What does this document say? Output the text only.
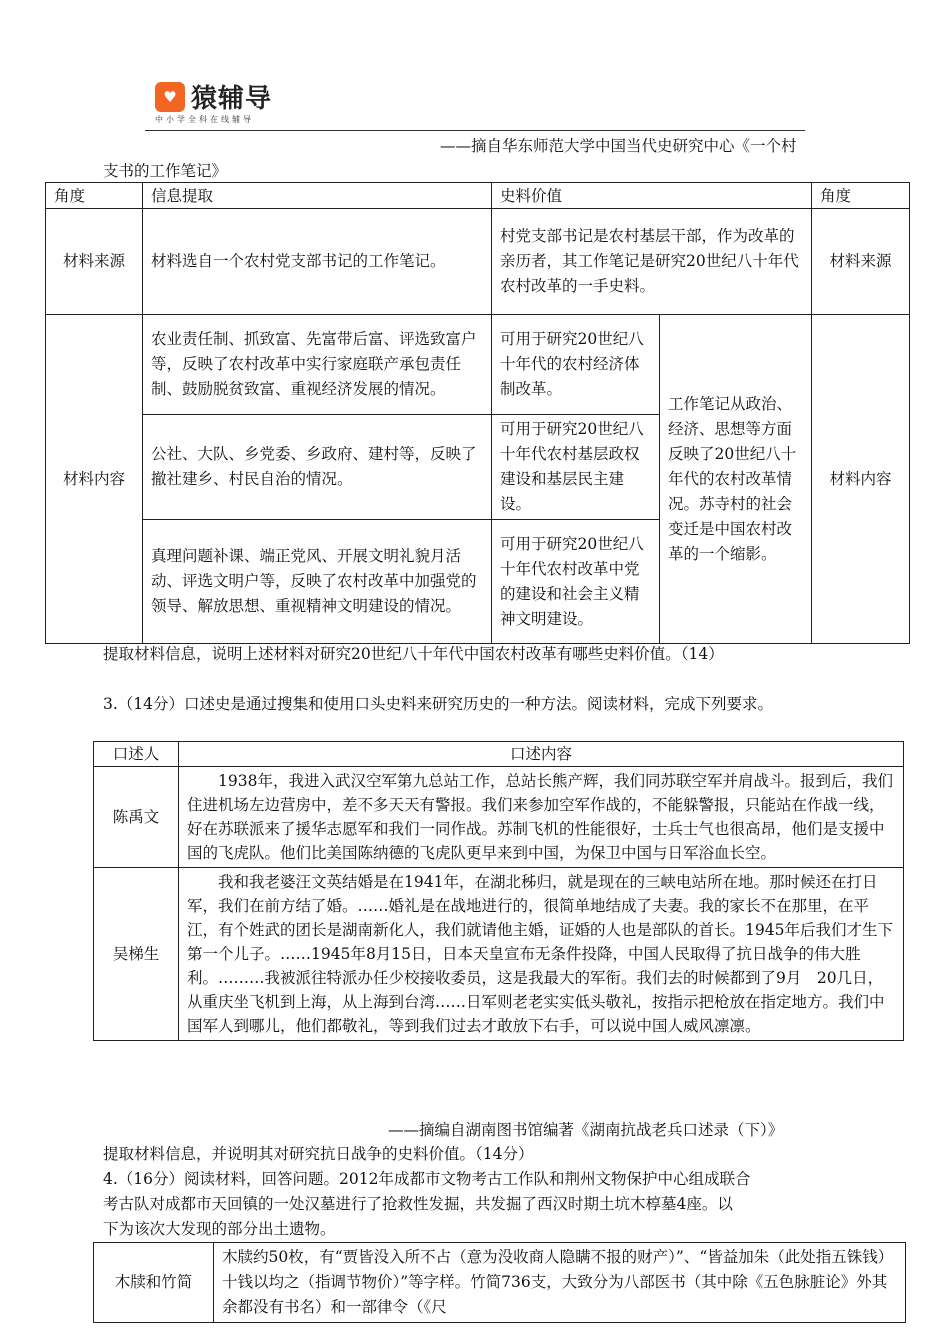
♥ 猿辅导
中小学全科在线辅导

——摘自华东师范大学中国当代史研究中心《一个村

支书的工作笔记》

角度	信息提取	史料价值		角度
材料来源	材料选自一个农村党支部书记的工作笔记。	村党支部书记是农村基层干部，作为改革的亲历者，其工作笔记是研究20世纪八十年代农村改革的一手史料。		材料来源
材料内容	农业责任制、抓致富、先富带后富、评选致富户等，反映了农村改革中实行家庭联产承包责任制、鼓励脱贫致富、重视经济发展的情况。	可用于研究20世纪八十年代的农村经济体制改革。	工作笔记从政治、经济、思想等方面反映了20世纪八十年代的农村改革情况。苏寺村的社会变迁是中国农村改革的一个缩影。	材料内容
	公社、大队、乡党委、乡政府、建村等，反映了撤社建乡、村民自治的情况。	可用于研究20世纪八十年代农村基层政权建设和基层民主建设。		
	真理问题补课、端正党风、开展文明礼貌月活动、评选文明户等，反映了农村改革中加强党的领导、解放思想、重视精神文明建设的情况。	可用于研究20世纪八十年代农村改革中党的建设和社会主义精神文明建设。		

提取材料信息，说明上述材料对研究20世纪八十年代中国农村改革有哪些史料价值。（14）

3.（14分）口述史是通过搜集和使用口头史料来研究历史的一种方法。阅读材料，完成下列要求。

口述人	口述内容
陈禹文	1938年，我进入武汉空军第九总站工作，总站长熊产辉，我们同苏联空军并肩战斗。报到后，我们住进机场左边营房中，差不多天天有警报。我们来参加空军作战的，不能躲警报，只能站在作战一线，好在苏联派来了援华志愿军和我们一同作战。苏制飞机的性能很好，士兵士气也很高昂，他们是支援中国的飞虎队。他们比美国陈纳德的飞虎队更早来到中国，为保卫中国与日军浴血长空。
吴梯生	我和我老婆汪文英结婚是在1941年，在湖北秭归，就是现在的三峡电站所在地。那时候还在打日军，我们在前方结了婚。……婚礼是在战地进行的，很简单地结成了夫妻。我的家长不在那里，在平江，有个姓武的团长是湖南新化人，我们就请他主婚，证婚的人也是部队的首长。1945年后我们才生下第一个儿子。……1945年8月15日，日本天皇宣布无条件投降，中国人民取得了抗日战争的伟大胜利。………我被派往特派办任少校接收委员，这是我最大的军衔。我们去的时候都到了9月　20几日，从重庆坐飞机到上海，从上海到台湾……日军则老老实实低头敬礼，按指示把枪放在指定地方。我们中国军人到哪儿，他们都敬礼，等到我们过去才敢放下右手，可以说中国人威风凛凛。

——摘编自湖南图书馆编著《湖南抗战老兵口述录（下）》

提取材料信息，并说明其对研究抗日战争的史料价值。（14分）

4.（16分）阅读材料，回答问题。2012年成都市文物考古工作队和荆州文物保护中心组成联合

考古队对成都市天回镇的一处汉墓进行了抢救性发掘，共发掘了西汉时期土坑木椁墓4座。以

下为该次大发现的部分出土遗物。

木牍和竹简	木牍约50枚，有“贾皆没入所不占（意为没收商人隐瞒不报的财产）”、“皆益加朱（此处指五铢钱）十钱以均之（指调节物价）”等字样。竹简736支，大致分为八部医书（其中除《五色脉脏论》外其余都没有书名）和一部律令（《尺
